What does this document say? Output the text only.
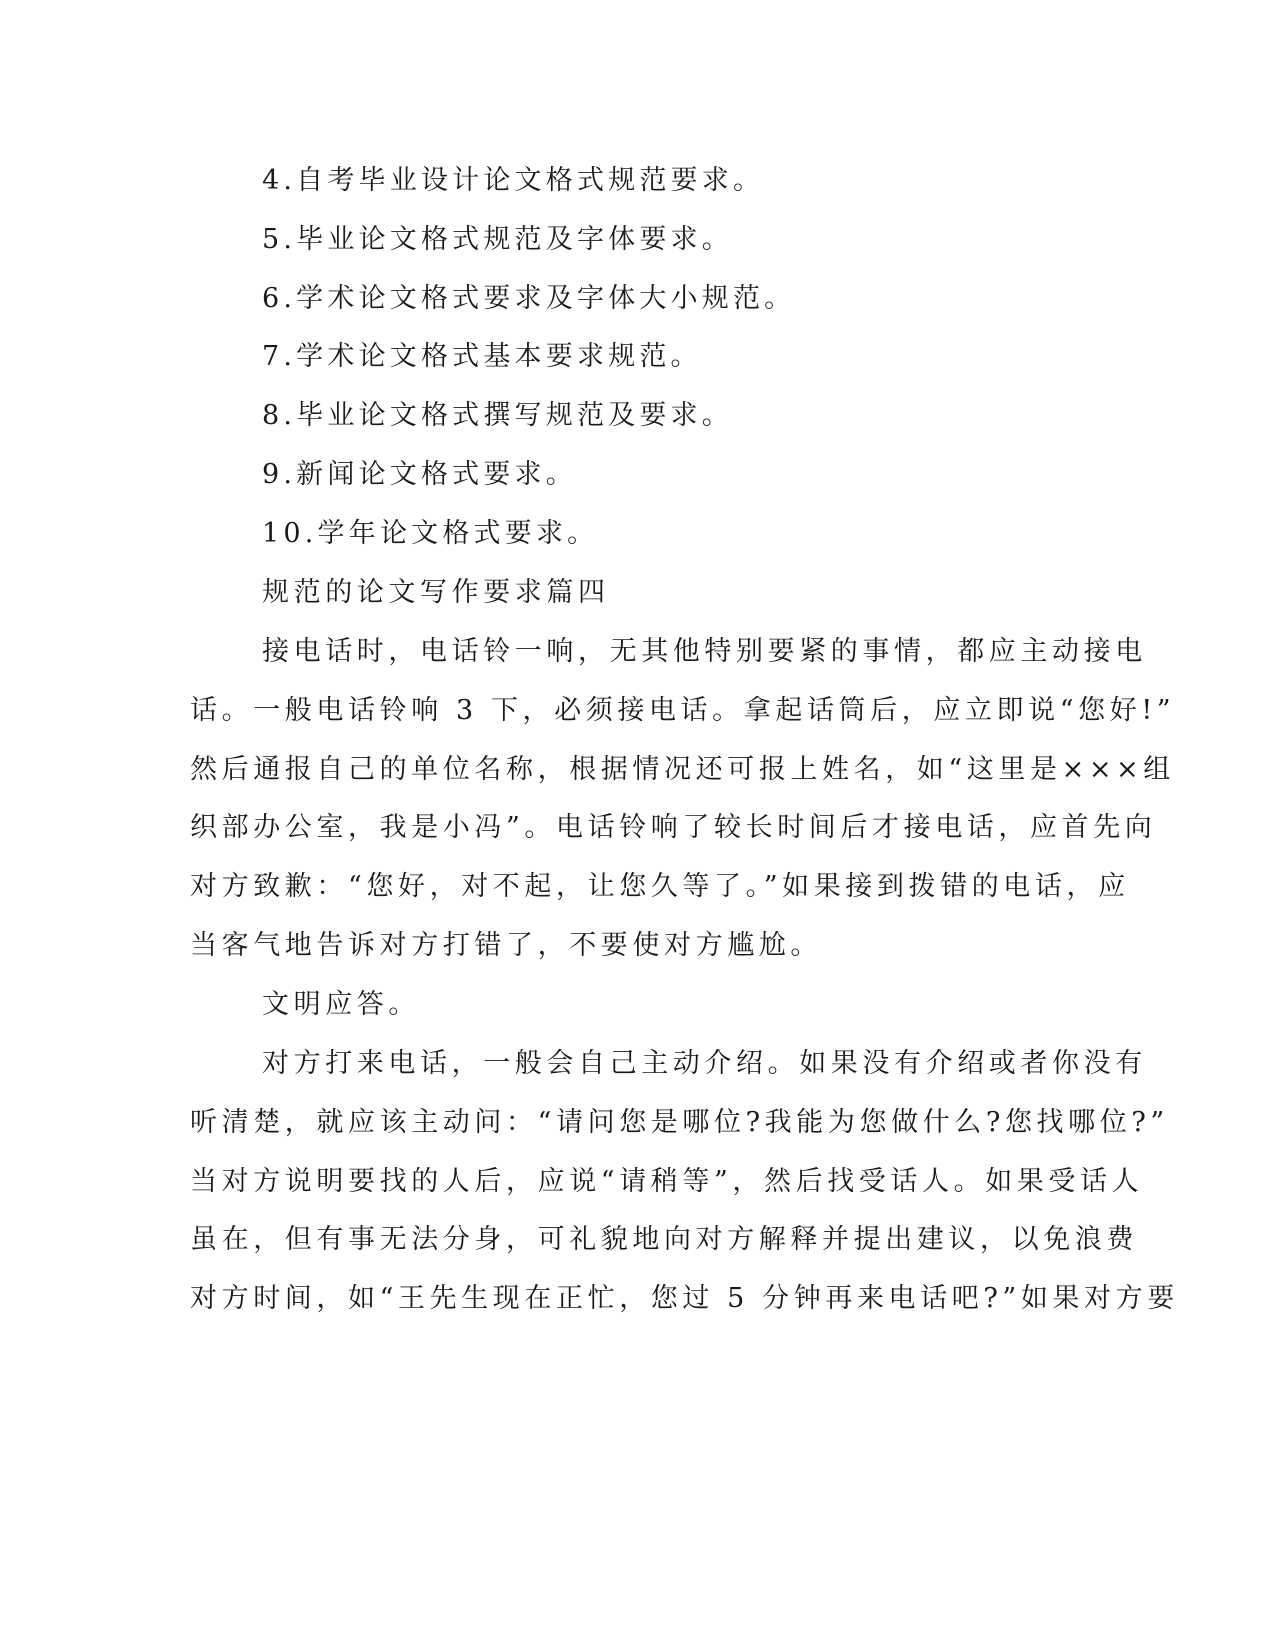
4.自考毕业设计论文格式规范要求。
5.毕业论文格式规范及字体要求。
6.学术论文格式要求及字体大小规范。
7.学术论文格式基本要求规范。
8.毕业论文格式撰写规范及要求。
9.新闻论文格式要求。
10.学年论文格式要求。
规范的论文写作要求篇四
接电话时，电话铃一响，无其他特别要紧的事情，都应主动接电
话。一般电话铃响 3 下，必须接电话。拿起话筒后，应立即说“您好!”
然后通报自己的单位名称，根据情况还可报上姓名，如“这里是×××组
织部办公室，我是小冯”。电话铃响了较长时间后才接电话，应首先向
对方致歉：“您好，对不起，让您久等了。”如果接到拨错的电话，应
当客气地告诉对方打错了，不要使对方尴尬。
文明应答。
对方打来电话，一般会自己主动介绍。如果没有介绍或者你没有
听清楚，就应该主动问：“请问您是哪位?我能为您做什么?您找哪位?”
当对方说明要找的人后，应说“请稍等”，然后找受话人。如果受话人
虽在，但有事无法分身，可礼貌地向对方解释并提出建议，以免浪费
对方时间，如“王先生现在正忙，您过 5 分钟再来电话吧?”如果对方要
